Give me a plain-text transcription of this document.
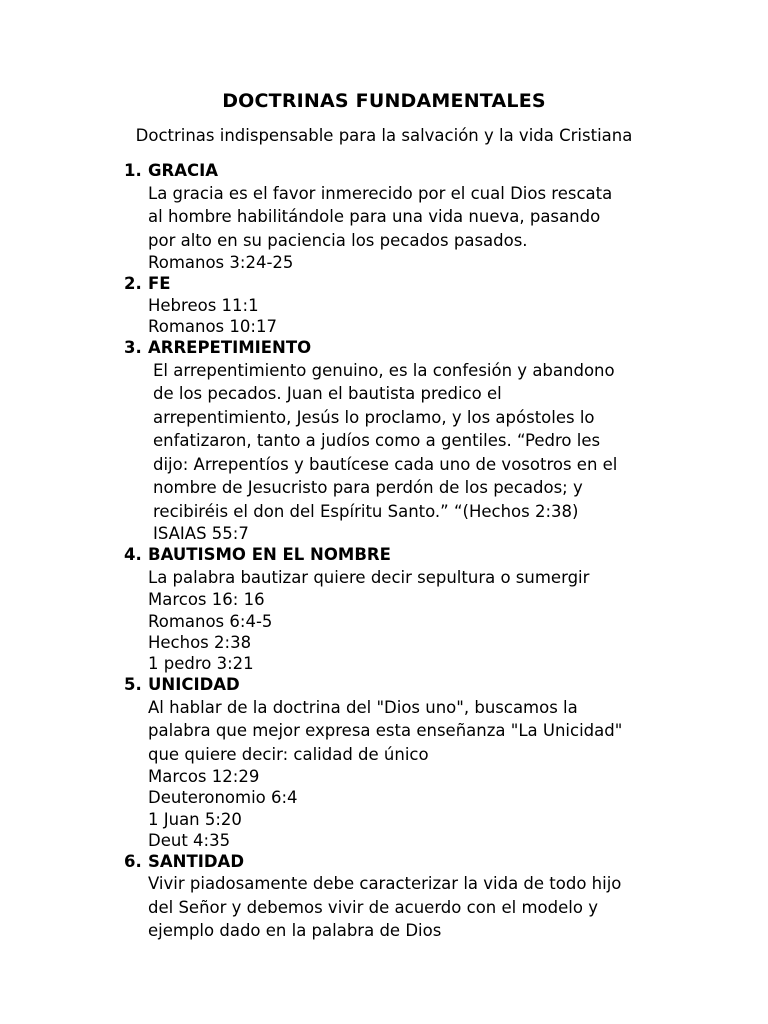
DOCTRINAS FUNDAMENTALES
Doctrinas indispensable para la salvación y la vida Cristiana
1. GRACIA
La gracia es el favor inmerecido por el cual Dios rescata
al hombre habilitándole para una vida nueva, pasando
por alto en su paciencia los pecados pasados.
Romanos 3:24-25
2. FE
Hebreos 11:1
Romanos 10:17
3. ARREPETIMIENTO
El arrepentimiento genuino, es la confesión y abandono
de los pecados. Juan el bautista predico el
arrepentimiento, Jesús lo proclamo, y los apóstoles lo
enfatizaron, tanto a judíos como a gentiles. “Pedro les
dijo: Arrepentíos y bautícese cada uno de vosotros en el
nombre de Jesucristo para perdón de los pecados; y
recibiréis el don del Espíritu Santo.” “(Hechos 2:38)
ISAIAS 55:7
4. BAUTISMO EN EL NOMBRE
La palabra bautizar quiere decir sepultura o sumergir
Marcos 16: 16
Romanos 6:4-5
Hechos 2:38
1 pedro 3:21
5. UNICIDAD
Al hablar de la doctrina del "Dios uno", buscamos la
palabra que mejor expresa esta enseñanza "La Unicidad"
que quiere decir: calidad de único
Marcos 12:29
Deuteronomio 6:4
1 Juan 5:20
Deut 4:35
6. SANTIDAD
Vivir piadosamente debe caracterizar la vida de todo hijo
del Señor y debemos vivir de acuerdo con el modelo y
ejemplo dado en la palabra de Dios
